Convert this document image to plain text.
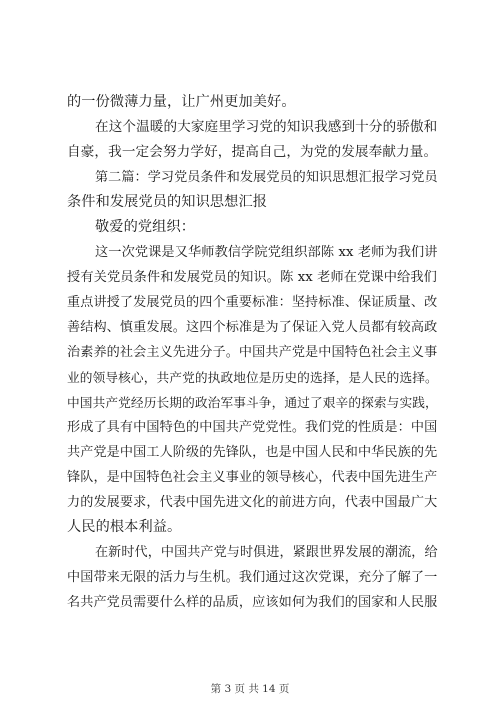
的一份微薄力量，让广州更加美好。
在这个温暖的大家庭里学习党的知识我感到十分的骄傲和
自豪，我一定会努力学好，提高自己，为党的发展奉献力量。
第二篇：学习党员条件和发展党员的知识思想汇报学习党员
条件和发展党员的知识思想汇报
敬爱的党组织：
这一次党课是又华师教信学院党组织部陈 xx 老师为我们讲
授有关党员条件和发展党员的知识。陈 xx 老师在党课中给我们
重点讲授了发展党员的四个重要标准：坚持标准、保证质量、改
善结构、慎重发展。这四个标准是为了保证入党人员都有较高政
治素养的社会主义先进分子。中国共产党是中国特色社会主义事
业的领导核心，共产党的执政地位是历史的选择，是人民的选择。
中国共产党经历长期的政治军事斗争，通过了艰辛的探索与实践，
形成了具有中国特色的中国共产党党性。我们党的性质是：中国
共产党是中国工人阶级的先锋队，也是中国人民和中华民族的先
锋队，是中国特色社会主义事业的领导核心，代表中国先进生产
力的发展要求，代表中国先进文化的前进方向，代表中国最广大
人民的根本利益。
在新时代，中国共产党与时俱进，紧跟世界发展的潮流，给
中国带来无限的活力与生机。我们通过这次党课，充分了解了一
名共产党员需要什么样的品质，应该如何为我们的国家和人民服

第 3 页 共 14 页
